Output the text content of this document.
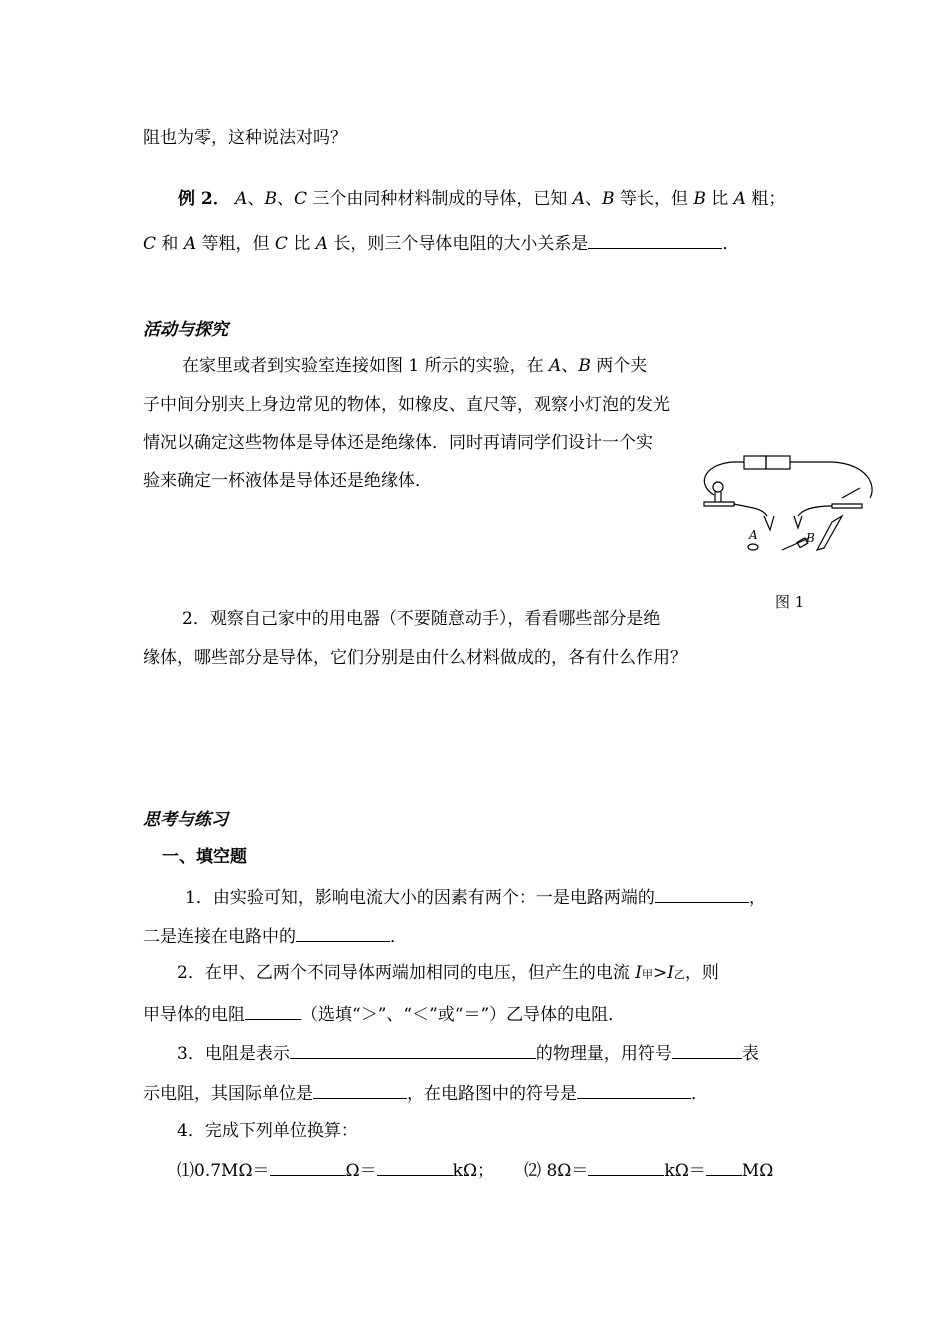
阻也为零，这种说法对吗？
例 2． A、B、C 三个由同种材料制成的导体，已知 A、B 等长，但 B 比 A 粗；
C 和 A 等粗，但 C 比 A 长，则三个导体电阻的大小关系是	．
活动与探究
在家里或者到实验室连接如图 1 所示的实验，在 A、B 两个夹
子中间分别夹上身边常见的物体，如橡皮、直尺等，观察小灯泡的发光
情况以确定这些物体是导体还是绝缘体．同时再请同学们设计一个实
验来确定一杯液体是导体还是绝缘体．
A	B
图 1
2．观察自己家中的用电器（不要随意动手），看看哪些部分是绝
缘体，哪些部分是导体，它们分别是由什么材料做成的，各有什么作用？
思考与练习
一、填空题
1．由实验可知，影响电流大小的因素有两个：一是电路两端的	，
二是连接在电路中的	．
2．在甲、乙两个不同导体两端加相同的电压，但产生的电流 I甲>I乙，则
甲导体的电阻	（选填“＞”、“＜”或“＝”）乙导体的电阻．
3．电阻是表示	的物理量，用符号	表
示电阻，其国际单位是	，在电路图中的符号是	．
4．完成下列单位换算：
⑴0.7MΩ＝	Ω＝	kΩ； ⑵ 8Ω＝	kΩ＝ MΩ
